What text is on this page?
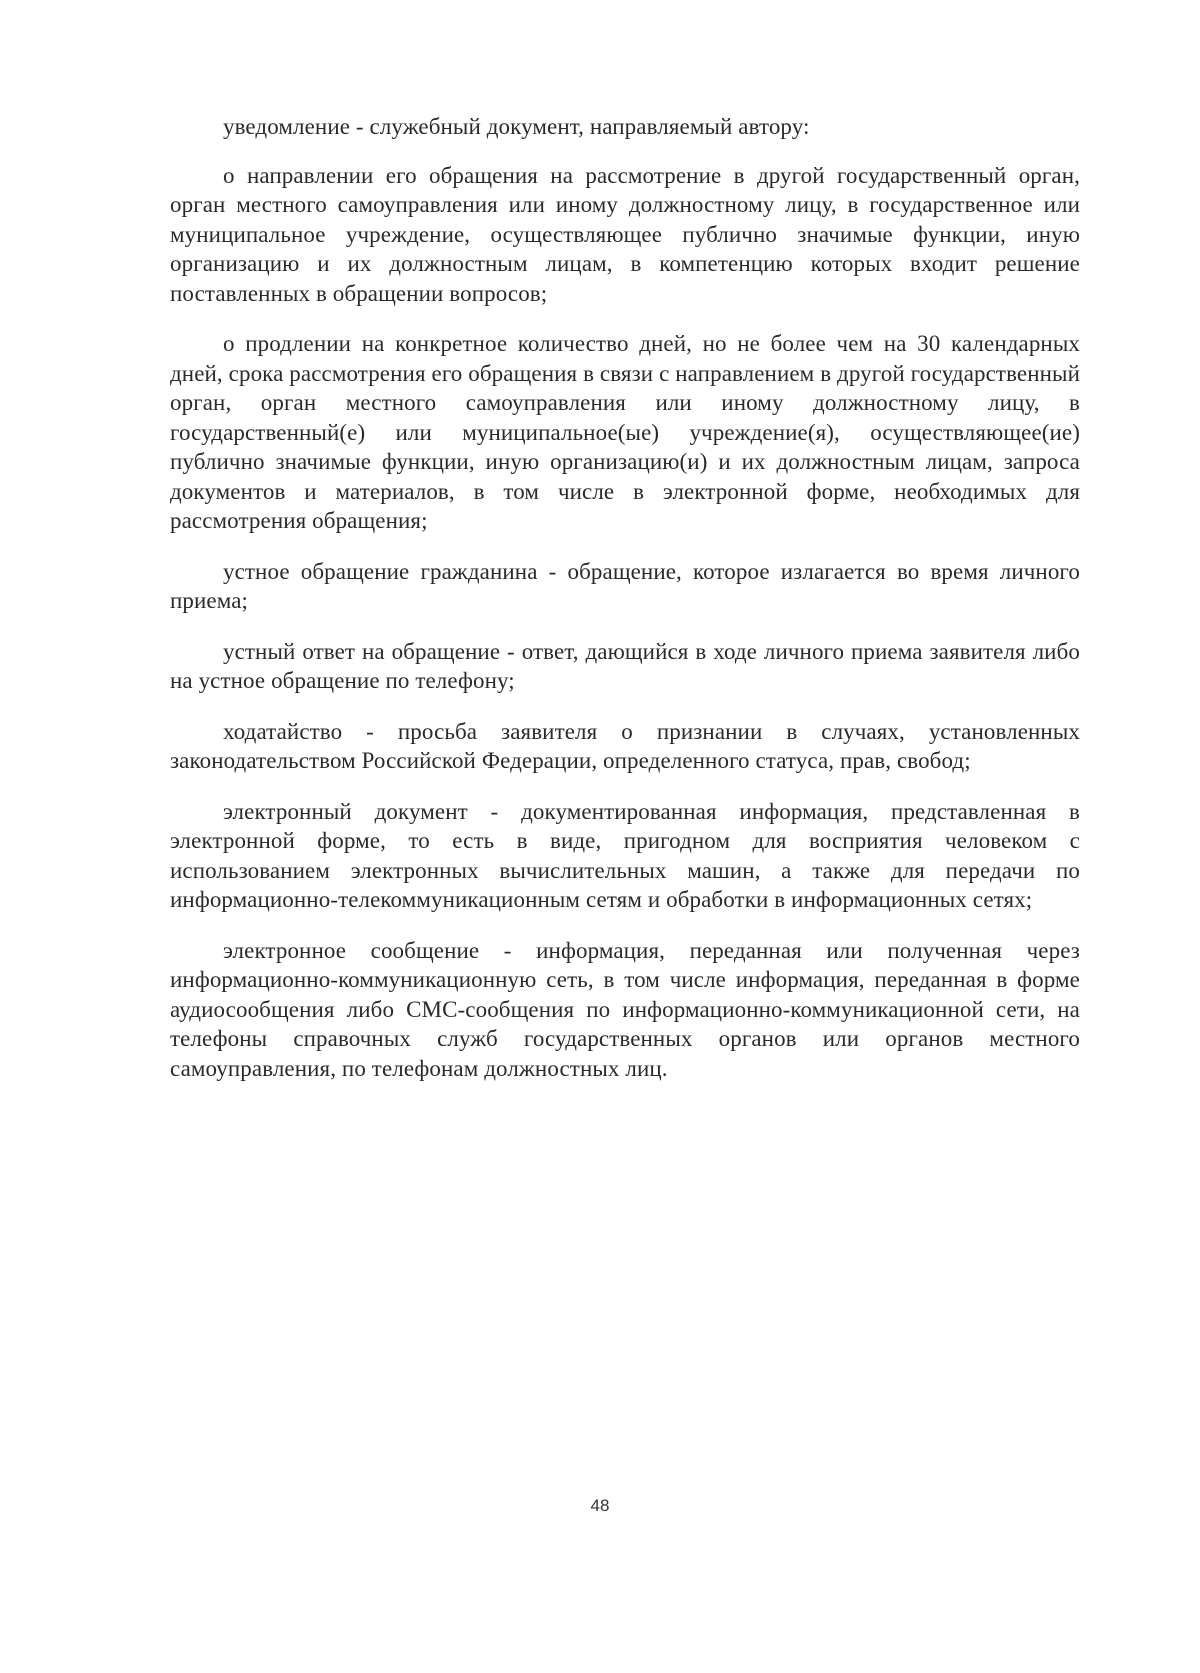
уведомление - служебный документ, направляемый автору:

о направлении его обращения на рассмотрение в другой государственный орган, орган местного самоуправления или иному должностному лицу, в государственное или муниципальное учреждение, осуществляющее публично значимые функции, иную организацию и их должностным лицам, в компетенцию которых входит решение поставленных в обращении вопросов;

о продлении на конкретное количество дней, но не более чем на 30 календарных дней, срока рассмотрения его обращения в связи с направлением в другой государственный орган, орган местного самоуправления или иному должностному лицу, в государственный(е) или муниципальное(ые) учреждение(я), осуществляющее(ие) публично значимые функции, иную организацию(и) и их должностным лицам, запроса документов и материалов, в том числе в электронной форме, необходимых для рассмотрения обращения;

устное обращение гражданина - обращение, которое излагается во время личного приема;

устный ответ на обращение - ответ, дающийся в ходе личного приема заявителя либо на устное обращение по телефону;

ходатайство - просьба заявителя о признании в случаях, установленных законодательством Российской Федерации, определенного статуса, прав, свобод;

электронный документ - документированная информация, представленная в электронной форме, то есть в виде, пригодном для восприятия человеком с использованием электронных вычислительных машин, а также для передачи по информационно-телекоммуникационным сетям и обработки в информационных сетях;

электронное сообщение - информация, переданная или полученная через информационно-коммуникационную сеть, в том числе информация, переданная в форме аудиосообщения либо СМС-сообщения по информационно-коммуникационной сети, на телефоны справочных служб государственных органов или органов местного самоуправления, по телефонам должностных лиц.

48
